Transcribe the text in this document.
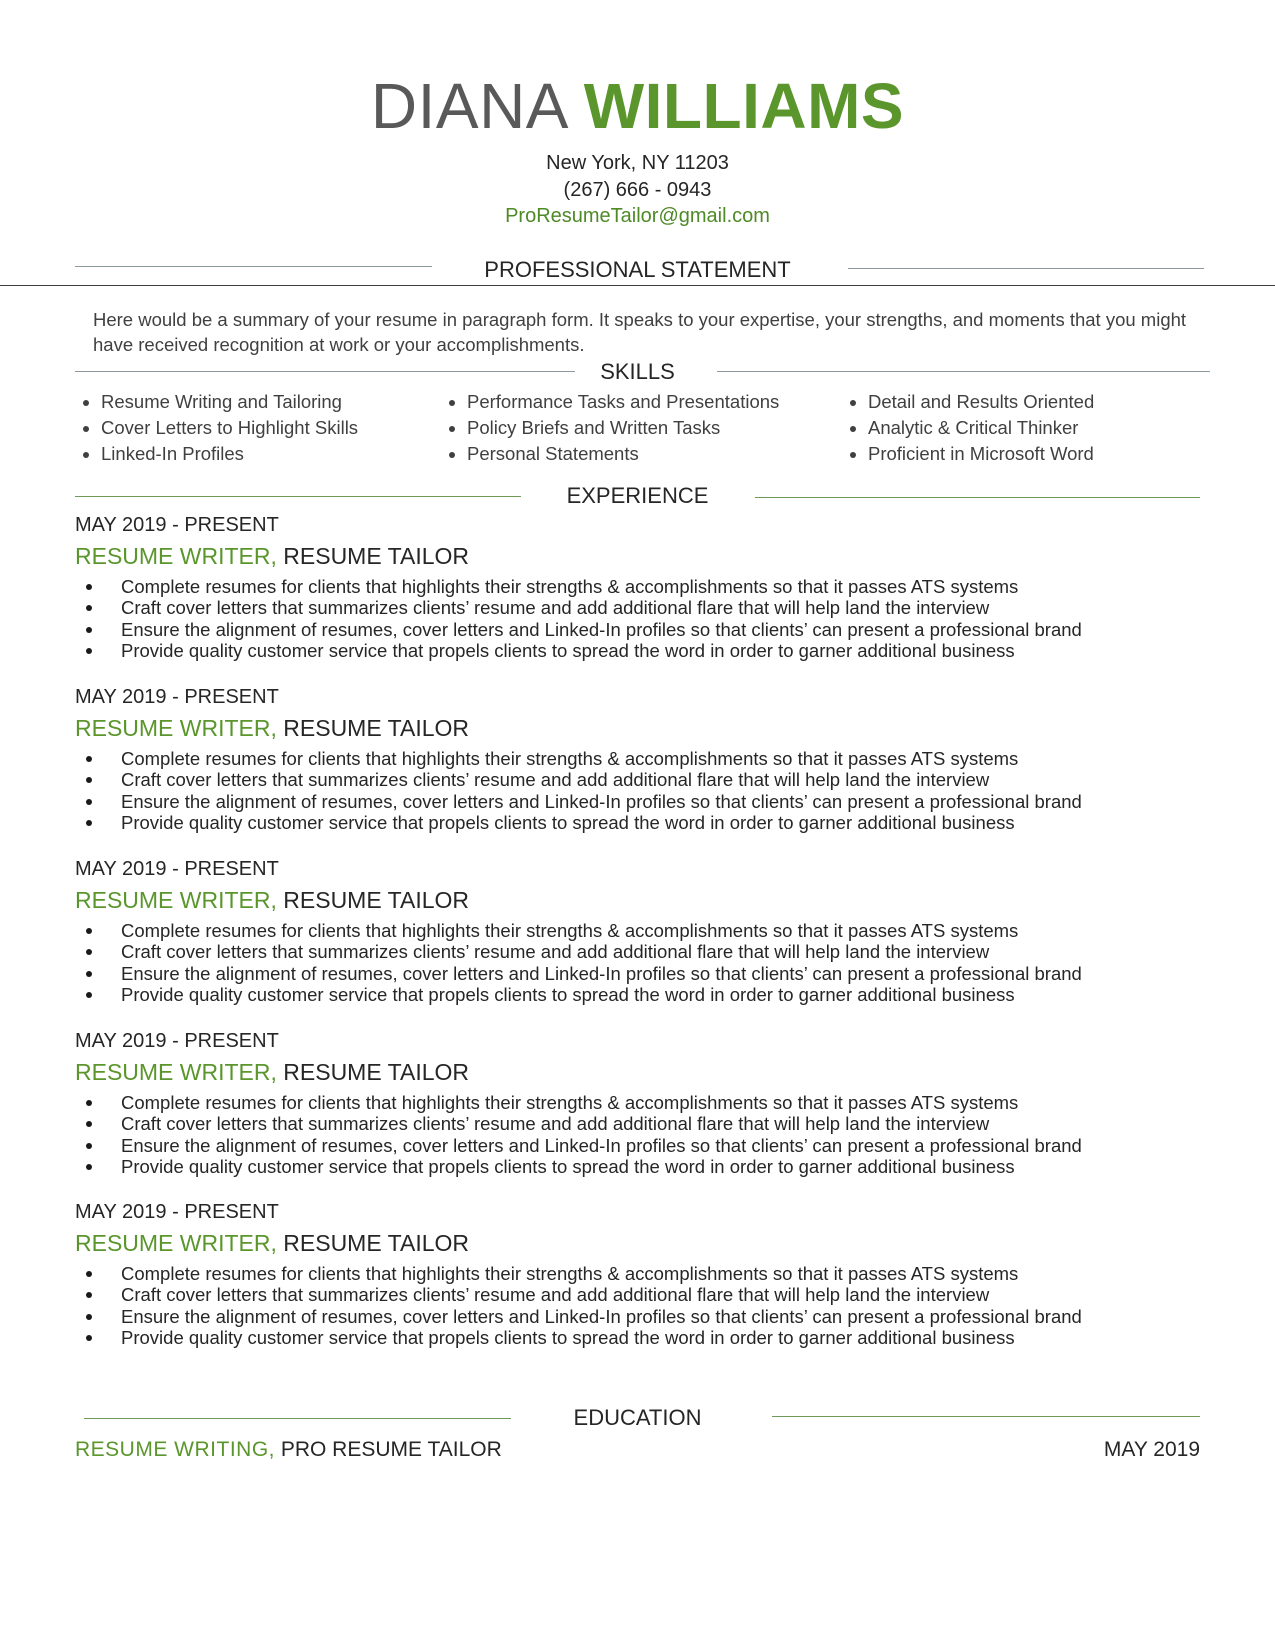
DIANA WILLIAMS
New York, NY 11203
(267) 666 - 0943
ProResumeTailor@gmail.com
PROFESSIONAL STATEMENT
Here would be a summary of your resume in paragraph form. It speaks to your expertise, your strengths, and moments that you might have received recognition at work or your accomplishments.
SKILLS
Resume Writing and Tailoring
Cover Letters to Highlight Skills
Linked-In Profiles
Performance Tasks and Presentations
Policy Briefs and Written Tasks
Personal Statements
Detail and Results Oriented
Analytic & Critical Thinker
Proficient in Microsoft Word
EXPERIENCE
MAY 2019 - PRESENT
RESUME WRITER, RESUME TAILOR
Complete resumes for clients that highlights their strengths & accomplishments so that it passes ATS systems
Craft cover letters that summarizes clients’ resume and add additional flare that will help land the interview
Ensure the alignment of resumes, cover letters and Linked-In profiles so that clients’ can present a professional brand
Provide quality customer service that propels clients to spread the word in order to garner additional business
MAY 2019 - PRESENT
RESUME WRITER, RESUME TAILOR
Complete resumes for clients that highlights their strengths & accomplishments so that it passes ATS systems
Craft cover letters that summarizes clients’ resume and add additional flare that will help land the interview
Ensure the alignment of resumes, cover letters and Linked-In profiles so that clients’ can present a professional brand
Provide quality customer service that propels clients to spread the word in order to garner additional business
MAY 2019 - PRESENT
RESUME WRITER, RESUME TAILOR
Complete resumes for clients that highlights their strengths & accomplishments so that it passes ATS systems
Craft cover letters that summarizes clients’ resume and add additional flare that will help land the interview
Ensure the alignment of resumes, cover letters and Linked-In profiles so that clients’ can present a professional brand
Provide quality customer service that propels clients to spread the word in order to garner additional business
MAY 2019 - PRESENT
RESUME WRITER, RESUME TAILOR
Complete resumes for clients that highlights their strengths & accomplishments so that it passes ATS systems
Craft cover letters that summarizes clients’ resume and add additional flare that will help land the interview
Ensure the alignment of resumes, cover letters and Linked-In profiles so that clients’ can present a professional brand
Provide quality customer service that propels clients to spread the word in order to garner additional business
MAY 2019 - PRESENT
RESUME WRITER, RESUME TAILOR
Complete resumes for clients that highlights their strengths & accomplishments so that it passes ATS systems
Craft cover letters that summarizes clients’ resume and add additional flare that will help land the interview
Ensure the alignment of resumes, cover letters and Linked-In profiles so that clients’ can present a professional brand
Provide quality customer service that propels clients to spread the word in order to garner additional business
EDUCATION
RESUME WRITING, PRO RESUME TAILOR	MAY 2019
